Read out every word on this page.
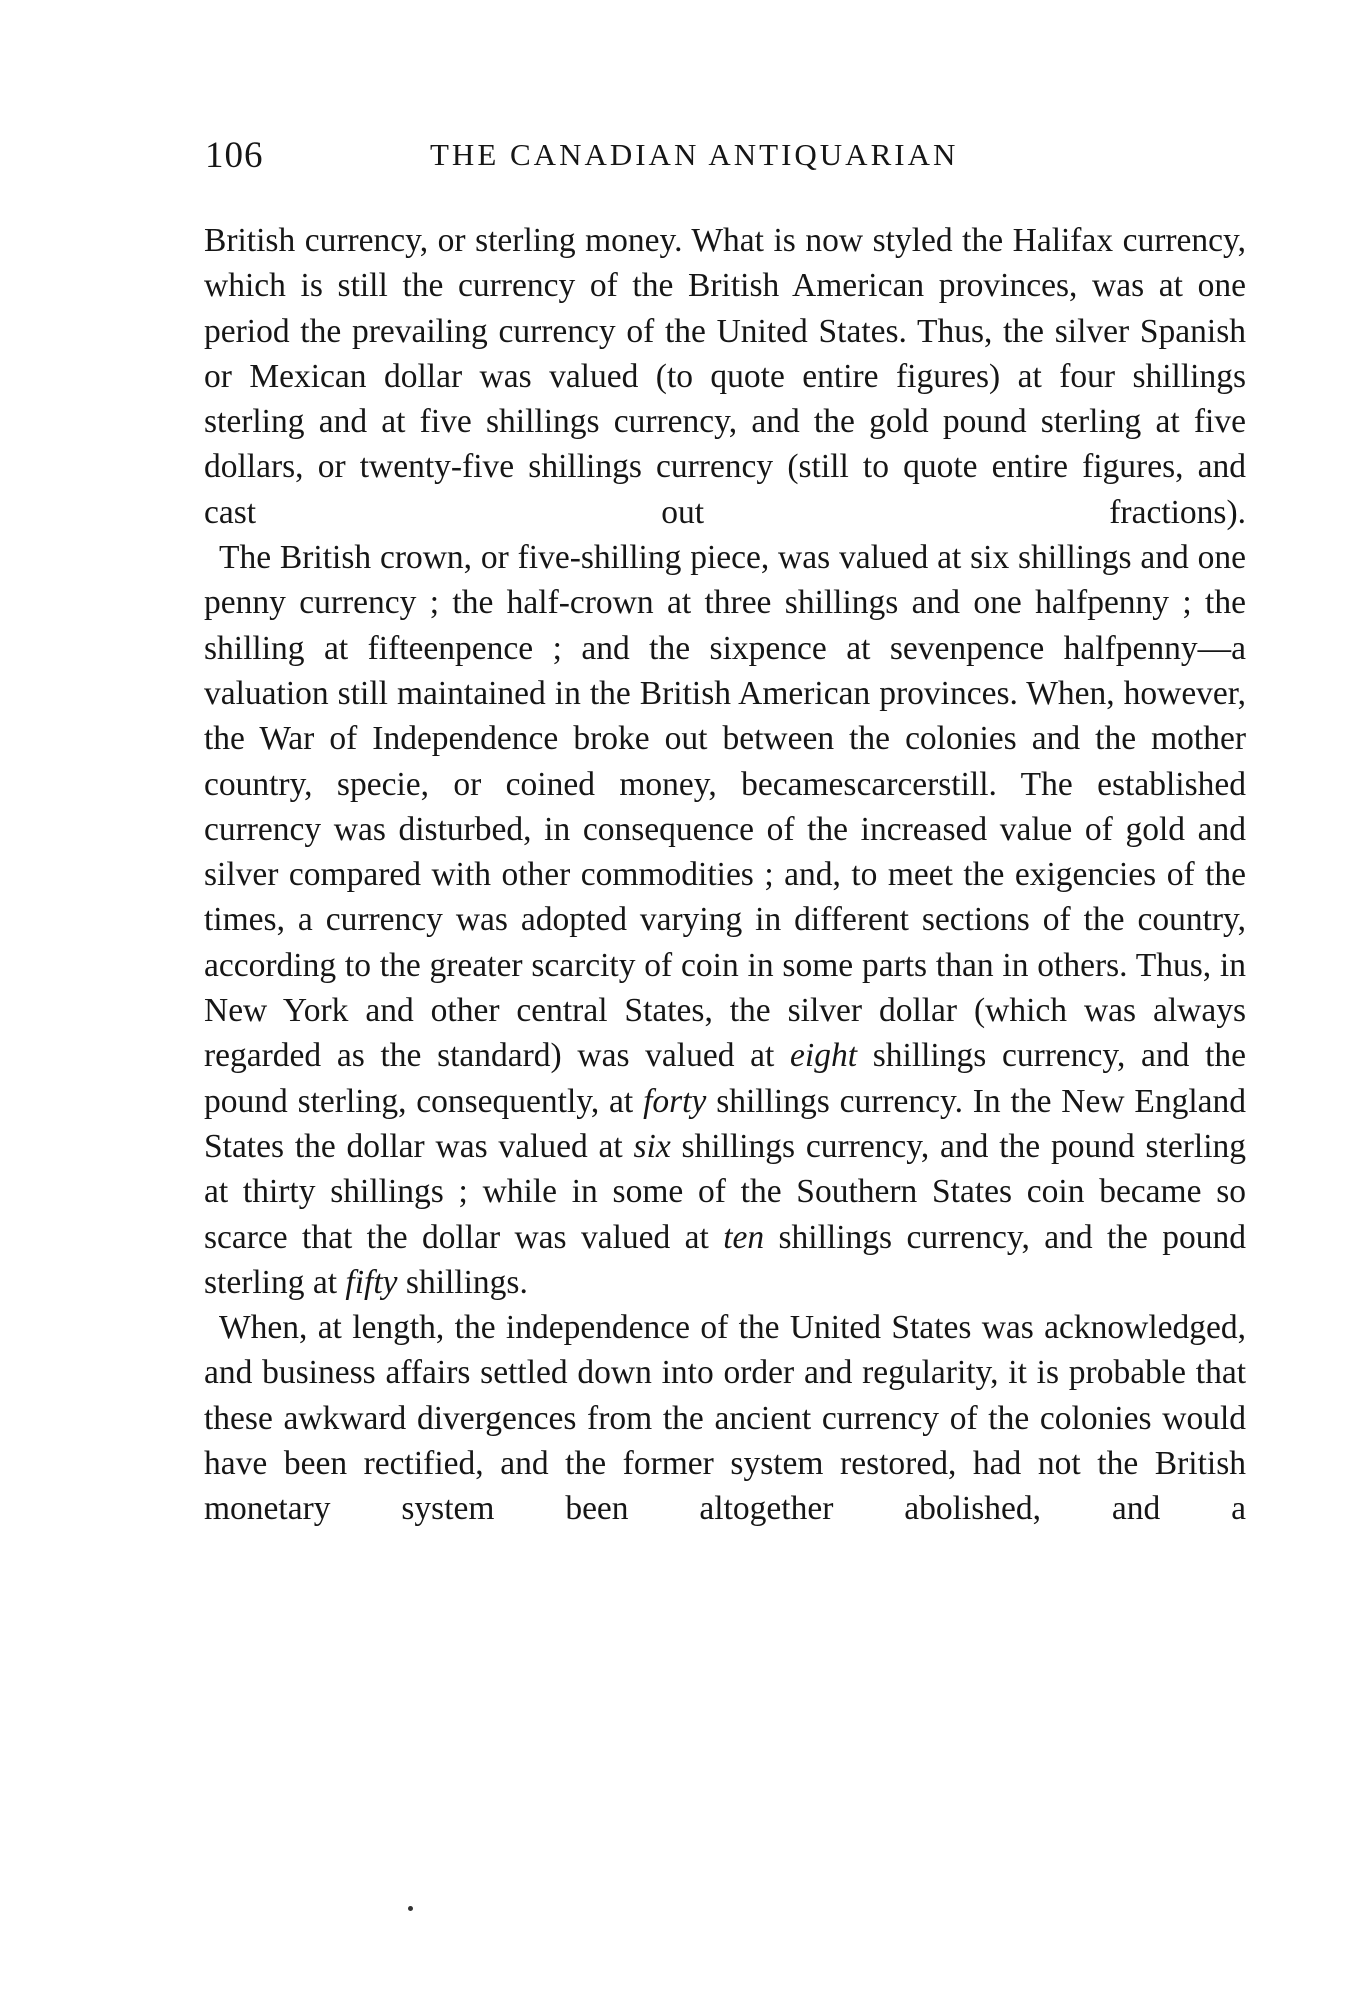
106	THE CANADIAN ANTIQUARIAN

British currency, or sterling money. What is now styled the Halifax currency, which is still the currency of the British American provinces, was at one period the prevailing currency of the United States. Thus, the silver Spanish or Mexican dollar was valued (to quote entire figures) at four shillings sterling and at five shillings currency, and the gold pound sterling at five dollars, or twenty-five shillings currency (still to quote entire figures, and cast out fractions).

The British crown, or five-shilling piece, was valued at six shillings and one penny currency ; the half-crown at three shillings and one halfpenny ; the shilling at fifteenpence ; and the sixpence at sevenpence halfpenny—a valuation still maintained in the British American provinces. When, however, the War of Independence broke out between the colonies and the mother country, specie, or coined money, becamescarcerstill. The established currency was disturbed, in consequence of the increased value of gold and silver compared with other commodities ; and, to meet the exigencies of the times, a currency was adopted varying in different sections of the country, according to the greater scarcity of coin in some parts than in others. Thus, in New York and other central States, the silver dollar (which was always regarded as the standard) was valued at eight shillings currency, and the pound sterling, consequently, at forty shillings currency. In the New England States the dollar was valued at six shillings currency, and the pound sterling at thirty shillings ; while in some of the Southern States coin became so scarce that the dollar was valued at ten shillings currency, and the pound sterling at fifty shillings.

When, at length, the independence of the United States was acknowledged, and business affairs settled down into order and regularity, it is probable that these awkward divergences from the ancient currency of the colonies would have been rectified, and the former system restored, had not the British monetary system been altogether abolished, and a
